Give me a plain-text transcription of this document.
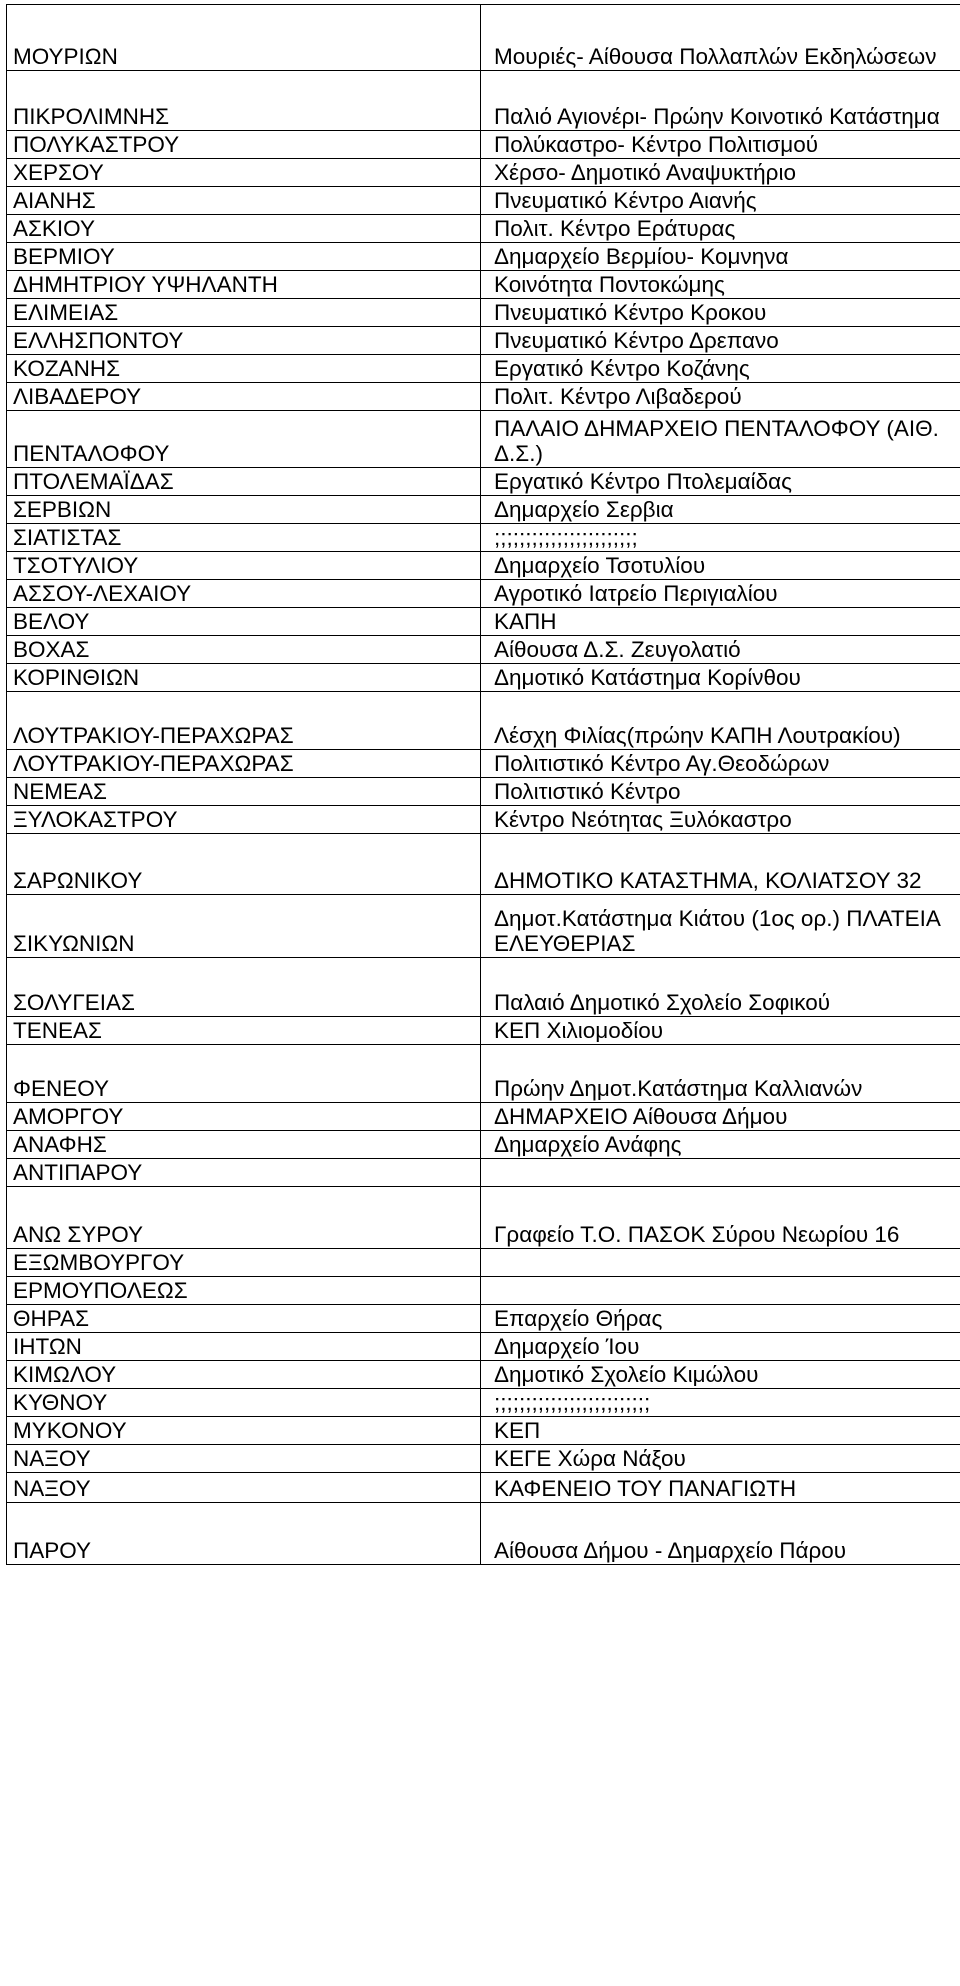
ΜΟΥΡΙΩΝ	Μουριές- Αίθουσα Πολλαπλών Εκδηλώσεων
ΠΙΚΡΟΛΙΜΝΗΣ	Παλιό Αγιονέρι- Πρώην Κοινοτικό Κατάστημα
ΠΟΛΥΚΑΣΤΡΟΥ	Πολύκαστρο- Κέντρο Πολιτισμού
ΧΕΡΣΟΥ	Χέρσο- Δημοτικό Αναψυκτήριο
ΑΙΑΝΗΣ	Πνευματικό Κέντρο Αιανής
ΑΣΚΙΟΥ	Πολιτ. Κέντρο Εράτυρας
ΒΕΡΜΙΟΥ	Δημαρχείο Βερμίου- Κομνηνα
ΔΗΜΗΤΡΙΟΥ ΥΨΗΛΑΝΤΗ	Κοινότητα Ποντοκώμης
ΕΛΙΜΕΙΑΣ	Πνευματικό Κέντρο Κροκου
ΕΛΛΗΣΠΟΝΤΟΥ	Πνευματικό Κέντρο Δρεπανο
ΚΟΖΑΝΗΣ	Εργατικό Κέντρο Κοζάνης
ΛΙΒΑΔΕΡΟΥ	Πολιτ. Κέντρο Λιβαδερού
ΠΕΝΤΑΛΟΦΟΥ	ΠΑΛΑΙΟ ΔΗΜΑΡΧΕΙΟ ΠΕΝΤΑΛΟΦΟΥ (ΑΙΘ. Δ.Σ.)
ΠΤΟΛΕΜΑΪΔΑΣ	Εργατικό Κέντρο Πτολεμαίδας
ΣΕΡΒΙΩΝ	Δημαρχείο Σερβια
ΣΙΑΤΙΣΤΑΣ	;;;;;;;;;;;;;;;;;;;;;;;
ΤΣΟΤΥΛΙΟΥ	Δημαρχείο Τσοτυλίου
ΑΣΣΟΥ-ΛΕΧΑΙΟΥ	Αγροτικό Ιατρείο Περιγιαλίου
ΒΕΛΟΥ	ΚΑΠΗ
ΒΟΧΑΣ	Αίθουσα Δ.Σ. Ζευγολατιό
ΚΟΡΙΝΘΙΩΝ	Δημοτικό Κατάστημα Κορίνθου
ΛΟΥΤΡΑΚΙΟΥ-ΠΕΡΑΧΩΡΑΣ	Λέσχη Φιλίας(πρώην ΚΑΠΗ Λουτρακίου)
ΛΟΥΤΡΑΚΙΟΥ-ΠΕΡΑΧΩΡΑΣ	Πολιτιστικό Κέντρο Αγ.Θεοδώρων
ΝΕΜΕΑΣ	Πολιτιστικό Κέντρο
ΞΥΛΟΚΑΣΤΡΟΥ	Κέντρο Νεότητας Ξυλόκαστρο
ΣΑΡΩΝΙΚΟΥ	ΔΗΜΟΤΙΚΟ ΚΑΤΑΣΤΗΜΑ, ΚΟΛΙΑΤΣΟΥ 32
ΣΙΚΥΩΝΙΩΝ	Δημοτ.Κατάστημα Κιάτου (1ος ορ.) ΠΛΑΤΕΙΑ ΕΛΕΥΘΕΡΙΑΣ
ΣΟΛΥΓΕΙΑΣ	Παλαιό Δημοτικό Σχολείο Σοφικού
ΤΕΝΕΑΣ	ΚΕΠ Χιλιομοδίου
ΦΕΝΕΟΥ	Πρώην Δημοτ.Κατάστημα Καλλιανών
ΑΜΟΡΓΟΥ	ΔΗΜΑΡΧΕΙΟ Αίθουσα Δήμου
ΑΝΑΦΗΣ	Δημαρχείο Ανάφης
ΑΝΤΙΠΑΡΟΥ	
ΑΝΩ ΣΥΡΟΥ	Γραφείο Τ.Ο. ΠΑΣΟΚ Σύρου Νεωρίου 16
ΕΞΩΜΒΟΥΡΓΟΥ	
ΕΡΜΟΥΠΟΛΕΩΣ	
ΘΗΡΑΣ	Επαρχείο Θήρας
ΙΗΤΩΝ	Δημαρχείο Ίου
ΚΙΜΩΛΟΥ	Δημοτικό Σχολείο Κιμώλου
ΚΥΘΝΟΥ	;;;;;;;;;;;;;;;;;;;;;;;;;
ΜΥΚΟΝΟΥ	ΚΕΠ
ΝΑΞΟΥ	ΚΕΓΕ Χώρα Νάξου
ΝΑΞΟΥ	ΚΑΦΕΝΕΙΟ ΤΟΥ ΠΑΝΑΓΙΩΤΗ
ΠΑΡΟΥ	Αίθουσα Δήμου - Δημαρχείο Πάρου
